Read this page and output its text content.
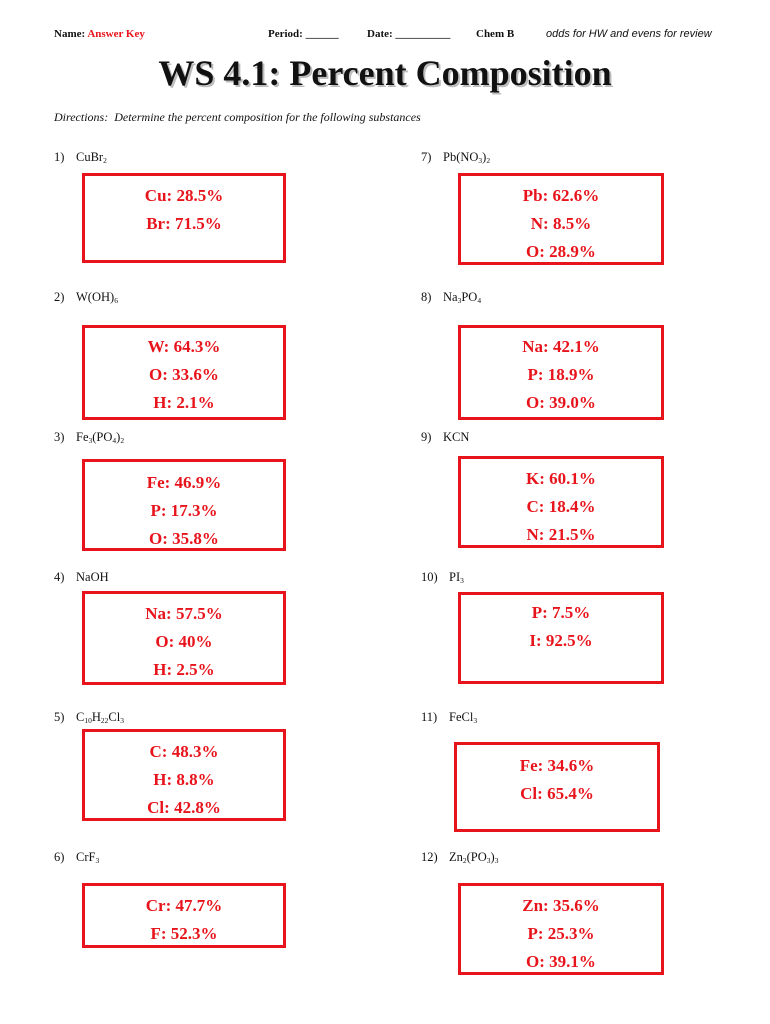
Name: Answer Key	Period: ______	Date: __________ Chem B	odds for HW and evens for review
WS 4.1: Percent Composition
Directions: Determine the percent composition for the following substances
1) CuBr$_2$
Cu: 28.5%
Br: 71.5%
2) $W(OH)_6$
W: 64.3%
O: 33.6%
H: 2.1%
3) $Fe_3(PO_4)_2$
Fe: 46.9%
P: 17.3%
O: 35.8%
4) NaOH
Na: 57.5%
O: 40%
H: 2.5%
5) $C_{10}H_{22}Cl_3$
C: 48.3%
H: 8.8%
Cl: 42.8%
6) CrF$_3$
Cr: 47.7%
F: 52.3%
7) $Pb(NO_3)_2$
Pb: 62.6%
N: 8.5%
O: 28.9%
8) $Na_3PO_4$
Na: 42.1%
P: 18.9%
O: 39.0%
9) KCN
K: 60.1%
C: 18.4%
N: 21.5%
10) $PI_3$
P: 7.5%
I: 92.5%
11) FeCl$_3$
Fe: 34.6%
Cl: 65.4%
12) $Zn_2(PO_3)_3$
Zn: 35.6%
P: 25.3%
O: 39.1%
